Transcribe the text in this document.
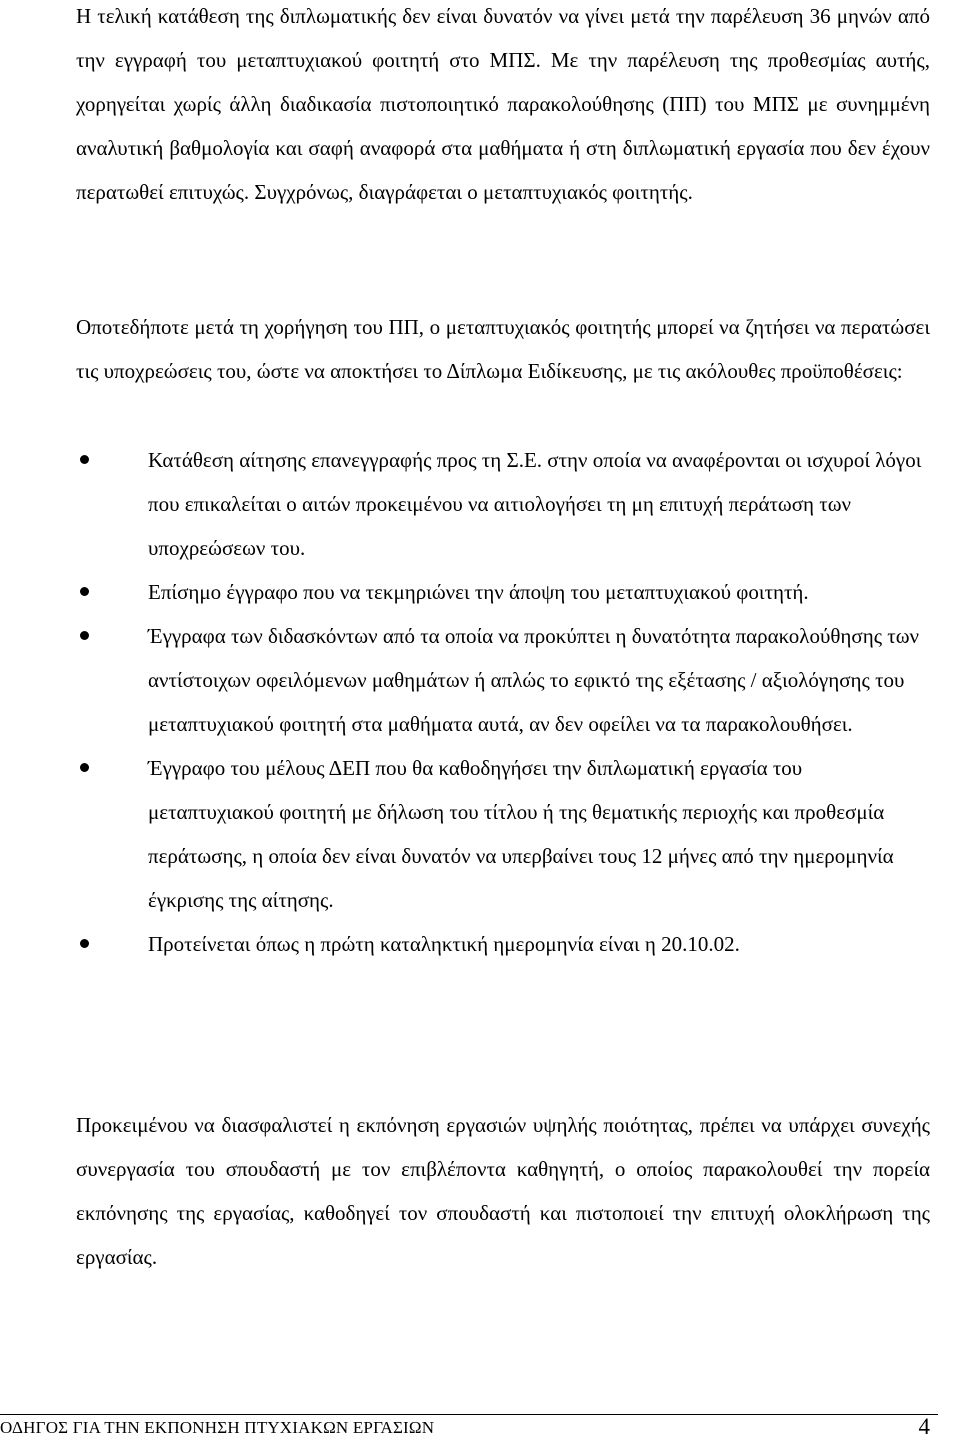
Η τελική κατάθεση της διπλωματικής δεν είναι δυνατόν να γίνει μετά την παρέλευση 36 μηνών από την εγγραφή του μεταπτυχιακού φοιτητή στο ΜΠΣ. Με την παρέλευση της προθεσμίας αυτής, χορηγείται χωρίς άλλη διαδικασία πιστοποιητικό παρακολούθησης (ΠΠ) του ΜΠΣ με συνημμένη αναλυτική βαθμολογία και σαφή αναφορά στα μαθήματα ή στη διπλωματική εργασία που δεν έχουν περατωθεί επιτυχώς. Συγχρόνως, διαγράφεται ο μεταπτυχιακός φοιτητής.

Οποτεδήποτε μετά τη χορήγηση του ΠΠ, ο μεταπτυχιακός φοιτητής μπορεί να ζητήσει να περατώσει τις υποχρεώσεις του, ώστε να αποκτήσει το Δίπλωμα Ειδίκευσης, με τις ακόλουθες προϋποθέσεις:

Κατάθεση αίτησης επανεγγραφής προς τη Σ.Ε. στην οποία να αναφέρονται οι ισχυροί λόγοι που επικαλείται ο αιτών προκειμένου να αιτιολογήσει τη μη επιτυχή περάτωση των υποχρεώσεων του.
Επίσημο έγγραφο που να τεκμηριώνει την άποψη του μεταπτυχιακού φοιτητή.
Έγγραφα των διδασκόντων από τα οποία να προκύπτει η δυνατότητα παρακολούθησης των αντίστοιχων οφειλόμενων μαθημάτων ή απλώς το εφικτό της εξέτασης / αξιολόγησης του μεταπτυχιακού φοιτητή στα μαθήματα αυτά, αν δεν οφείλει να τα παρακολουθήσει.
Έγγραφο του μέλους ΔΕΠ που θα καθοδηγήσει την διπλωματική εργασία του μεταπτυχιακού φοιτητή με δήλωση του τίτλου ή της θεματικής περιοχής και προθεσμία περάτωσης, η οποία δεν είναι δυνατόν να υπερβαίνει τους 12 μήνες από την ημερομηνία έγκρισης της αίτησης.
Προτείνεται όπως η πρώτη καταληκτική ημερομηνία είναι η 20.10.02.

Προκειμένου να διασφαλιστεί η εκπόνηση εργασιών υψηλής ποιότητας, πρέπει να υπάρχει συνεχής συνεργασία του σπουδαστή με τον επιβλέποντα καθηγητή, ο οποίος παρακολουθεί την πορεία εκπόνησης της εργασίας, καθοδηγεί τον σπουδαστή και πιστοποιεί την επιτυχή ολοκλήρωση της εργασίας.

ΟΔΗΓΟΣ ΓΙΑ ΤΗΝ ΕΚΠΟΝΗΣΗ ΠΤΥΧΙΑΚΩΝ ΕΡΓΑΣΙΩΝ	4
